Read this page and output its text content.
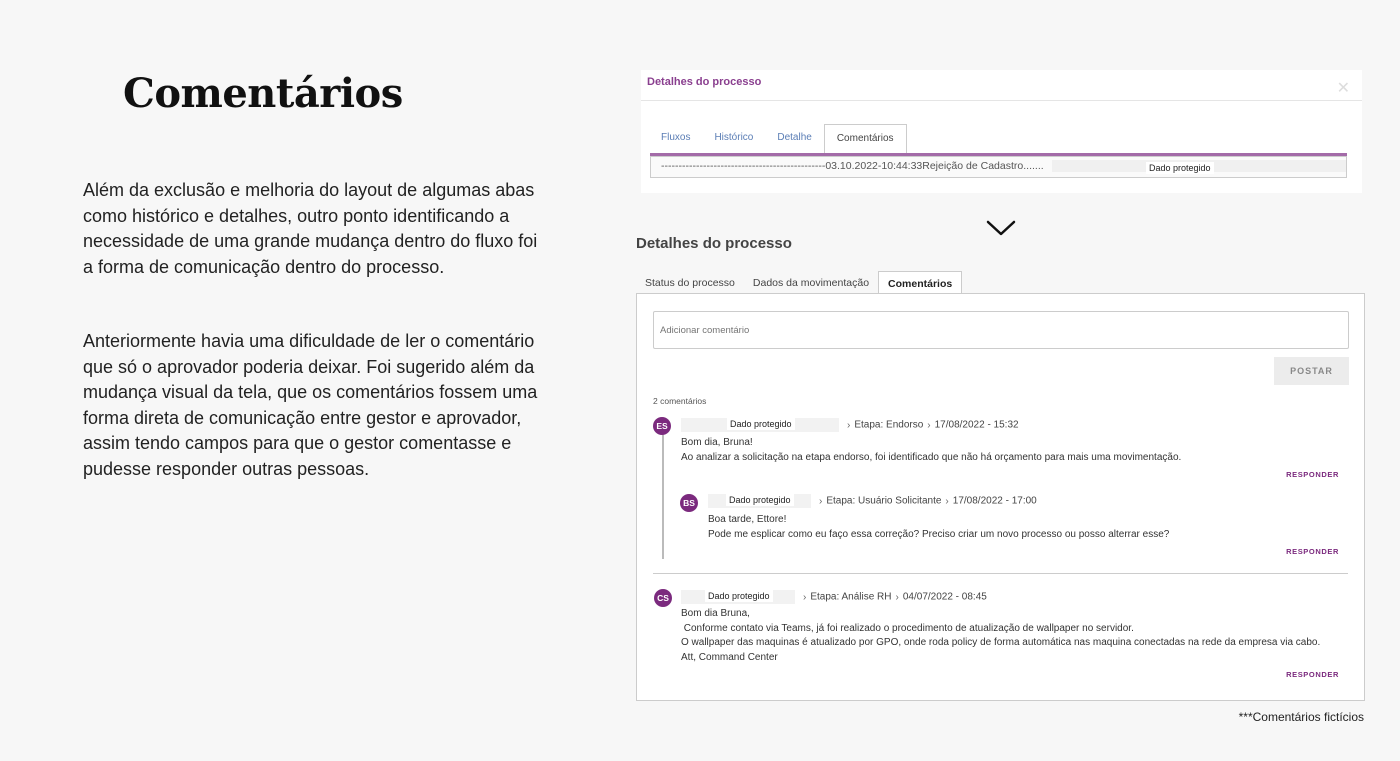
Comentários

Além da exclusão e melhoria do layout de algumas abas como histórico e detalhes, outro ponto identificando a necessidade de uma grande mudança dentro do fluxo foi a forma de comunicação dentro do processo.

Anteriormente havia uma dificuldade de ler o comentário que só o aprovador poderia deixar. Foi sugerido além da mudança visual da tela, que os comentários fossem uma forma direta de comunicação entre gestor e aprovador, assim tendo campos para que o gestor comentasse e pudesse responder outras pessoas.

Detalhes do processo	✕
Fluxos	Histórico	Detalhe	Comentários
-----------------------------------------------03.10.2022-10:44:33Rejeição de Cadastro.......	Dado protegido
Detalhes do processo
Status do processo	Dados da movimentação	Comentários
Adicionar comentário
POSTAR
2 comentários
ES	Dado protegido	› Etapa: Endorso › 17/08/2022 - 15:32
Bom dia, Bruna!
Ao analizar a solicitação na etapa endorso, foi identificado que não há orçamento para mais uma movimentação.
RESPONDER
BS	Dado protegido	› Etapa: Usuário Solicitante › 17/08/2022 - 17:00
Boa tarde, Ettore!
Pode me esplicar como eu faço essa correção? Preciso criar um novo processo ou posso alterrar esse?
RESPONDER
CS	Dado protegido	› Etapa: Análise RH › 04/07/2022 - 08:45
Bom dia Bruna,
Conforme contato via Teams, já foi realizado o procedimento de atualização de wallpaper no servidor.
O wallpaper das maquinas é atualizado por GPO, onde roda policy de forma automática nas maquina conectadas na rede da empresa via cabo.
Att, Command Center
RESPONDER
***Comentários fictícios
